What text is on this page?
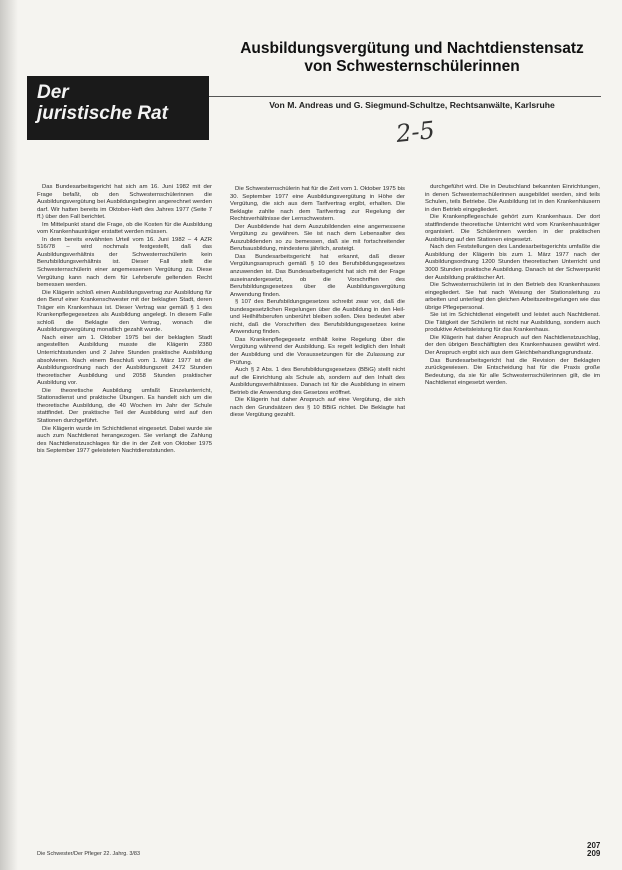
Der
juristische Rat
Ausbildungsvergütung und Nachtdienstensatz
von Schwesternschülerinnen
Von M. Andreas und G. Siegmund-Schultze, Rechtsanwälte, Karlsruhe
2-5

Das Bundesarbeitsgericht hat sich am 16. Juni 1982 mit der Frage befaßt, ob den Schwesternschülerinnen die Ausbildungsvergütung bei Ausbildungsbeginn angerechnet werden darf. Wir hatten bereits im Oktober-Heft des Jahres 1977 (Seite 7 ff.) über den Fall berichtet.

Im Mittelpunkt stand die Frage, ob die Kosten für die Ausbildung vom Krankenhausträger erstattet werden müssen.

In dem bereits erwähnten Urteil vom 16. Juni 1982 – 4 AZR 516/78 – wird nochmals festgestellt, daß das Ausbildungsverhältnis der Schwesternschülerin kein Berufsbildungsverhältnis ist. Dieser Fall stellt die Schwesternschülerin einer angemessenen Vergütung zu. Diese Vergütung kann nach dem für Lehrberufe geltenden Recht bemessen werden.

Die Klägerin schloß einen Ausbildungsvertrag zur Ausbildung für den Beruf einer Krankenschwester mit der beklagten Stadt, deren Träger ein Krankenhaus ist. Dieser Vertrag war gemäß § 1 des Krankenpflegegesetzes als Ausbildung angelegt. In diesem Falle schloß die Beklagte den Vertrag, wonach die Ausbildungsvergütung monatlich gezahlt wurde.

Nach einer am 1. Oktober 1975 bei der beklagten Stadt angestellten Ausbildung musste die Klägerin 2380 Unterrichtsstunden und 2 Jahre Stunden praktische Ausbildung absolvieren. Nach einem Beschluß vom 1. März 1977 ist die Ausbildungsordnung nach der Ausbildungszeit 2472 Stunden theoretischer Ausbildung und 2058 Stunden praktischer Ausbildung vor.

Die theoretische Ausbildung umfaßt Einzelunterricht, Stationsdienst und praktische Übungen. Es handelt sich um die theoretische Ausbildung, die 40 Wochen im Jahr der Schule stattfindet. Der praktische Teil der Ausbildung wird auf den Stationen durchgeführt.

Die Klägerin wurde im Schichtdienst eingesetzt. Dabei wurde sie auch zum Nachtdienst herangezogen. Sie verlangt die Zahlung des Nachtdienstzuschlages für die in der Zeit von Oktober 1975 bis September 1977 geleisteten Nachtdienststunden.

Die Schwesternschülerin hat für die Zeit vom 1. Oktober 1975 bis 30. September 1977 eine Ausbildungsvergütung in Höhe der Vergütung, die sich aus dem Tarifvertrag ergibt, erhalten. Die Beklagte zahlte nach dem Tarifvertrag zur Regelung der Rechtsverhältnisse der Lernschwestern.

Der Ausbildende hat dem Auszubildenden eine angemessene Vergütung zu gewähren. Sie ist nach dem Lebensalter des Auszubildenden so zu bemessen, daß sie mit fortschreitender Berufsausbildung, mindestens jährlich, ansteigt.

Das Bundesarbeitsgericht hat erkannt, daß dieser Vergütungsanspruch gemäß § 10 des Berufsbildungsgesetzes anzuwenden ist. Das Bundesarbeitsgericht hat sich mit der Frage auseinandergesetzt, ob die Vorschriften des Berufsbildungsgesetzes über die Ausbildungsvergütung Anwendung finden.

§ 107 des Berufsbildungsgesetzes schreibt zwar vor, daß die bundesgesetzlichen Regelungen über die Ausbildung in den Heil- und Heilhilfsberufen unberührt bleiben sollen. Dies bedeutet aber nicht, daß die Vorschriften des Berufsbildungsgesetzes keine Anwendung finden.

Das Krankenpflegegesetz enthält keine Regelung über die Vergütung während der Ausbildung. Es regelt lediglich den Inhalt der Ausbildung und die Voraussetzungen für die Zulassung zur Prüfung.

Auch § 2 Abs. 1 des Berufsbildungsgesetzes (BBiG) stellt nicht auf die Einrichtung als Schule ab, sondern auf den Inhalt des Ausbildungsverhältnisses. Danach ist für die Ausbildung in einem Betrieb die Anwendung des Gesetzes eröffnet.

Die Klägerin hat daher Anspruch auf eine Vergütung, die sich nach den Grundsätzen des § 10 BBiG richtet. Die Beklagte hat diese Vergütung gezahlt.

durchgeführt wird. Die in Deutschland bekannten Einrichtungen, in denen Schwesternschülerinnen ausgebildet werden, sind teils Schulen, teils Betriebe. Die Ausbildung ist in den Krankenhäusern in den Betrieb eingegliedert.

Die Krankenpflegeschule gehört zum Krankenhaus. Der dort stattfindende theoretische Unterricht wird vom Krankenhausträger organisiert. Die Schülerinnen werden in der praktischen Ausbildung auf den Stationen eingesetzt.

Nach den Feststellungen des Landesarbeitsgerichts umfaßte die Ausbildung der Klägerin bis zum 1. März 1977 nach der Ausbildungsordnung 1200 Stunden theoretischen Unterricht und 3000 Stunden praktische Ausbildung. Danach ist der Schwerpunkt der Ausbildung praktischer Art.

Die Schwesternschülerin ist in den Betrieb des Krankenhauses eingegliedert. Sie hat nach Weisung der Stationsleitung zu arbeiten und unterliegt den gleichen Arbeitszeitregelungen wie das übrige Pflegepersonal.

Sie ist im Schichtdienst eingeteilt und leistet auch Nachtdienst. Die Tätigkeit der Schülerin ist nicht nur Ausbildung, sondern auch produktive Arbeitsleistung für das Krankenhaus.

Die Klägerin hat daher Anspruch auf den Nachtdienstzuschlag, der den übrigen Beschäftigten des Krankenhauses gewährt wird. Der Anspruch ergibt sich aus dem Gleichbehandlungsgrundsatz.

Das Bundesarbeitsgericht hat die Revision der Beklagten zurückgewiesen. Die Entscheidung hat für die Praxis große Bedeutung, da sie für alle Schwesternschülerinnen gilt, die im Nachtdienst eingesetzt werden.

Die Schwester/Der Pfleger 22. Jahrg. 3/83
207
209
